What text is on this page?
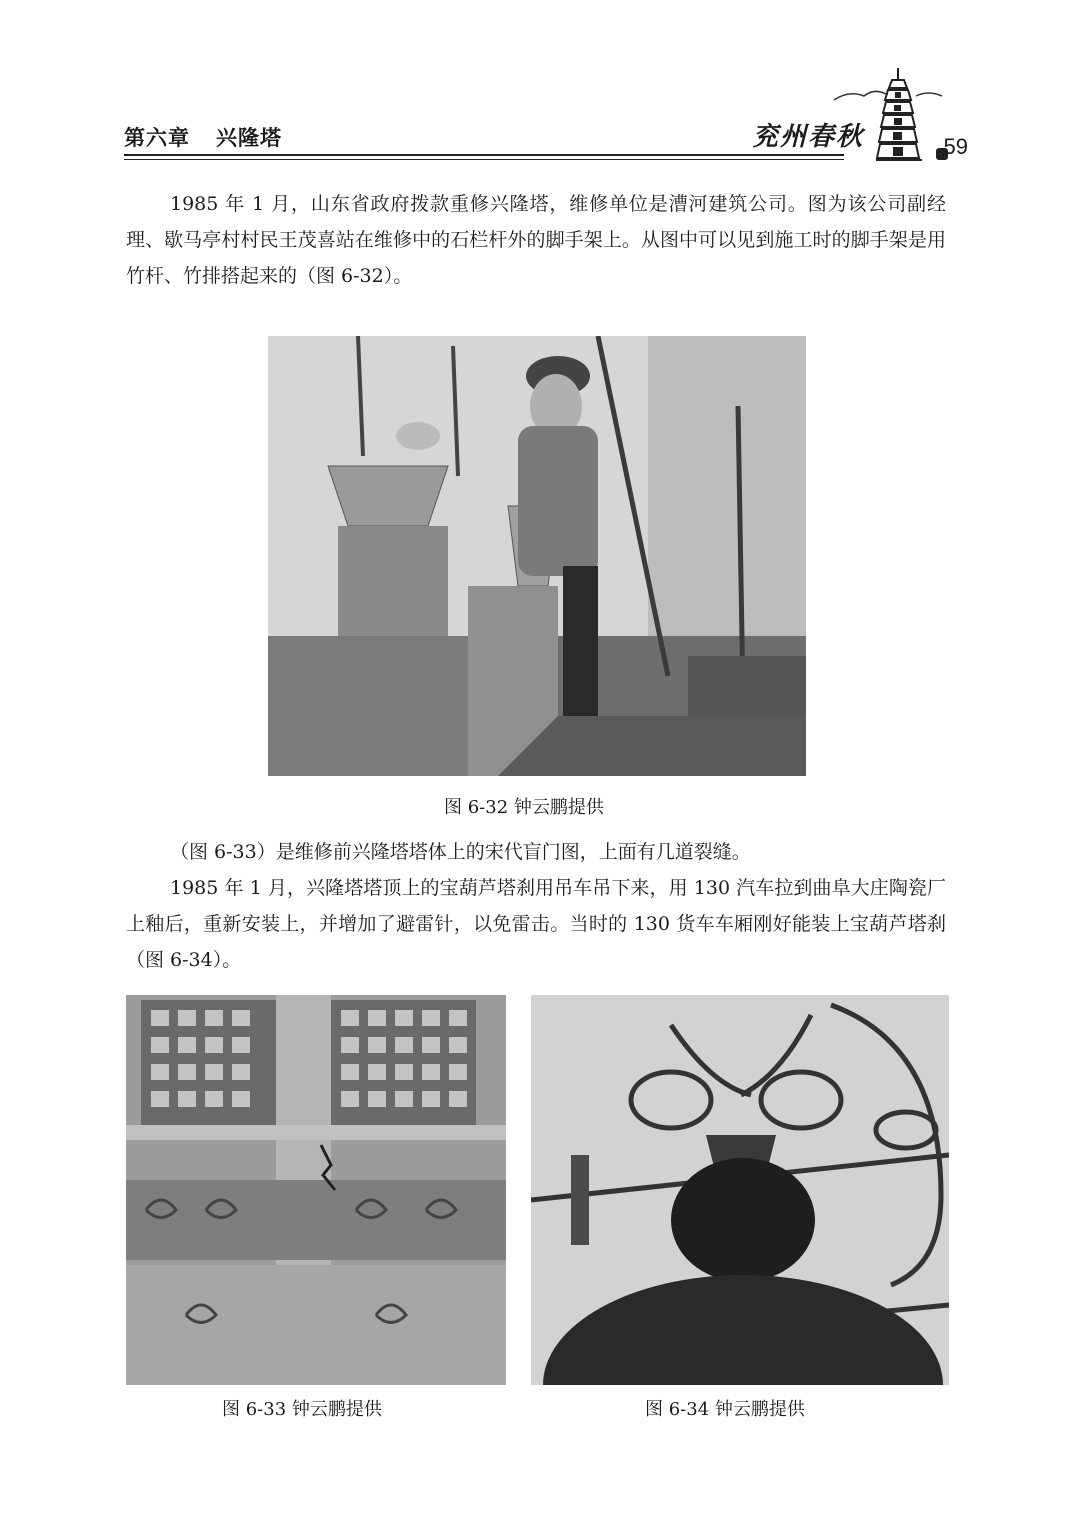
第六章 兴隆塔	兖州春秋	59

1985 年 1 月，山东省政府拨款重修兴隆塔，维修单位是漕河建筑公司。图为该公司副经理、歇马亭村村民王茂喜站在维修中的石栏杆外的脚手架上。从图中可以见到施工时的脚手架是用竹杆、竹排搭起来的（图 6-32）。

图 6-32 钟云鹏提供

（图 6-33）是维修前兴隆塔塔体上的宋代盲门图，上面有几道裂缝。

1985 年 1 月，兴隆塔塔顶上的宝葫芦塔刹用吊车吊下来，用 130 汽车拉到曲阜大庄陶瓷厂上釉后，重新安装上，并增加了避雷针，以免雷击。当时的 130 货车车厢刚好能装上宝葫芦塔刹（图 6-34）。

图 6-33 钟云鹏提供	图 6-34 钟云鹏提供
